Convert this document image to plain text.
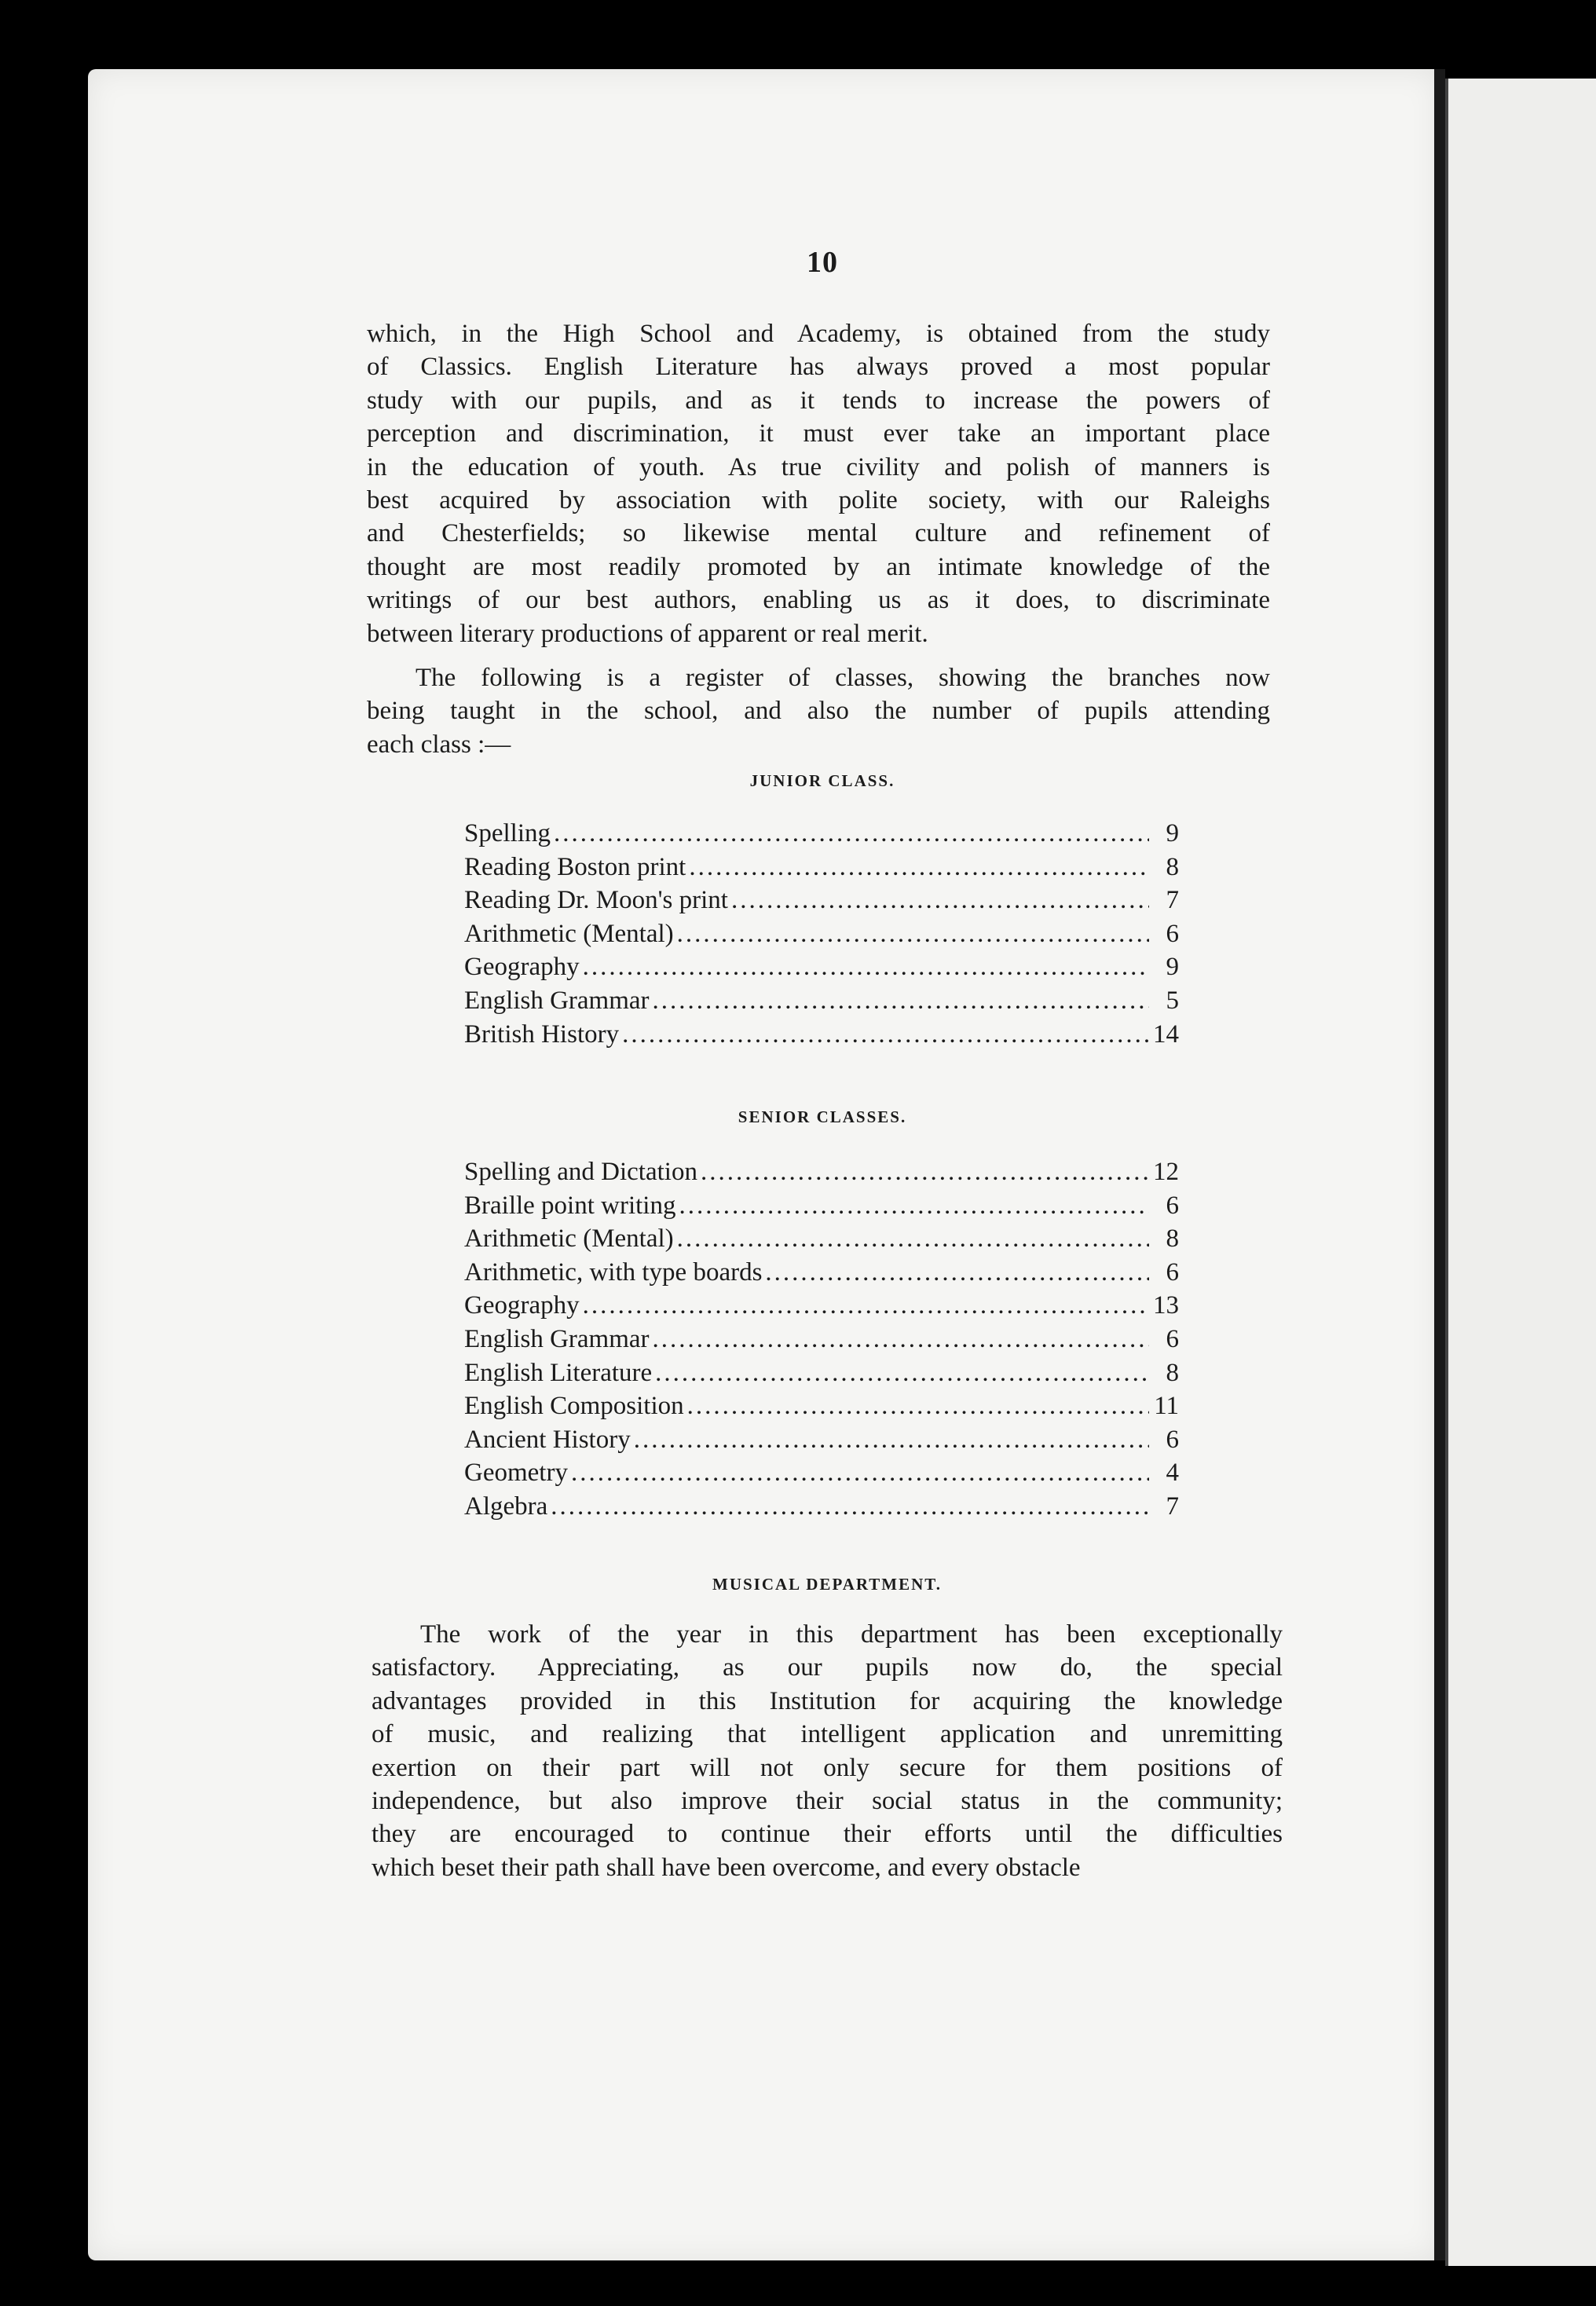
10
which, in the High School and Academy, is obtained from the study
of Classics. English Literature has always proved a most popular
study with our pupils, and as it tends to increase the powers of
perception and discrimination, it must ever take an important place
in the education of youth. As true civility and polish of manners is
best acquired by association with polite society, with our Raleighs
and Chesterfields; so likewise mental culture and refinement of
thought are most readily promoted by an intimate knowledge of the
writings of our best authors, enabling us as it does, to discriminate
between literary productions of apparent or real merit.
The following is a register of classes, showing the branches now
being taught in the school, and also the number of pupils attending
each class :—
JUNIOR CLASS.
Spelling .....	9
Reading Boston print .....	8
Reading Dr. Moon's print .....	7
Arithmetic (Mental) .....	6
Geography .....	9
English Grammar .....	5
British History .....	14
SENIOR CLASSES.
Spelling and Dictation .....	12
Braille point writing .....	6
Arithmetic (Mental) .....	8
Arithmetic, with type boards .....	6
Geography .....	13
English Grammar .....	6
English Literature .....	8
English Composition .....	11
Ancient History .....	6
Geometry .....	4
Algebra .....	7
MUSICAL DEPARTMENT.
The work of the year in this department has been exceptionally
satisfactory. Appreciating, as our pupils now do, the special
advantages provided in this Institution for acquiring the knowledge
of music, and realizing that intelligent application and unremitting
exertion on their part will not only secure for them positions of
independence, but also improve their social status in the community;
they are encouraged to continue their efforts until the difficulties
which beset their path shall have been overcome, and every obstacle
